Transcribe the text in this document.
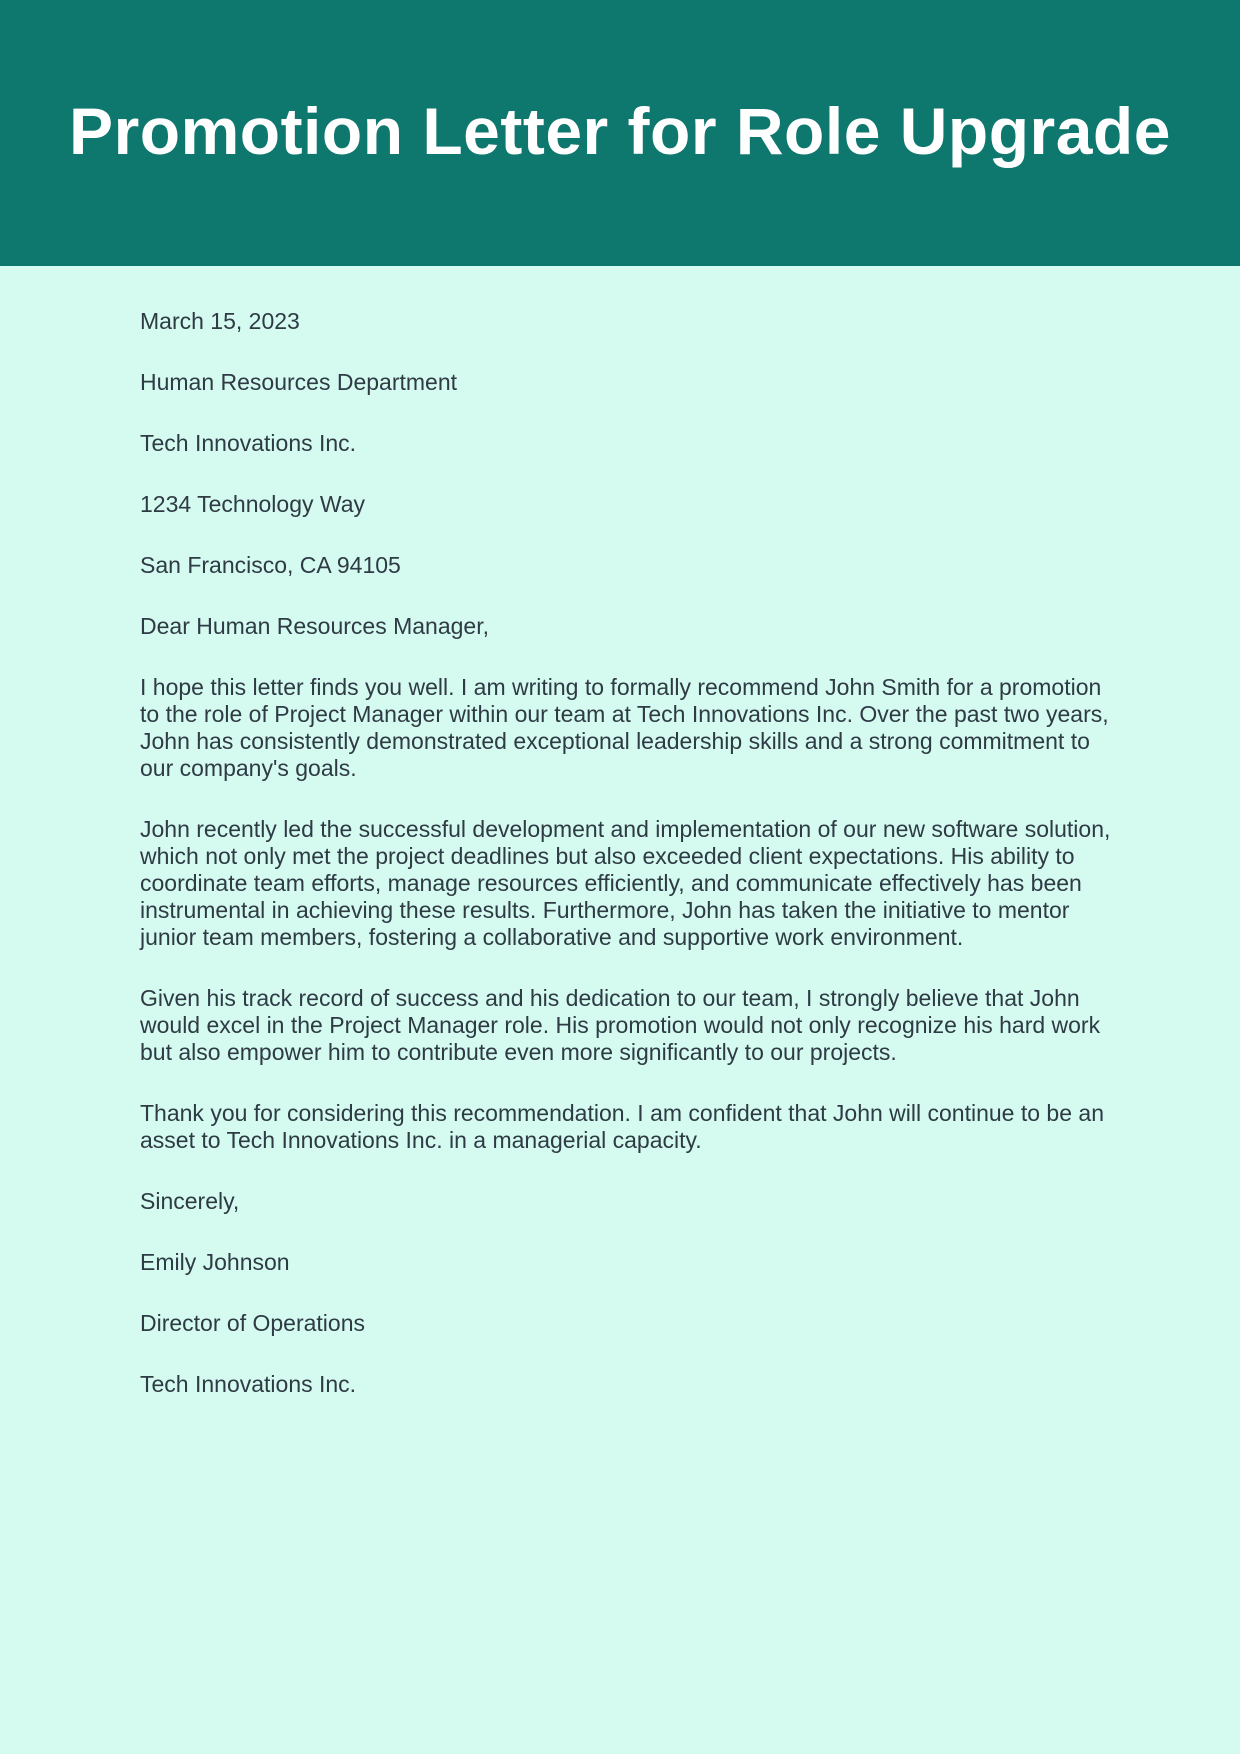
Promotion Letter for Role Upgrade

March 15, 2023

Human Resources Department

Tech Innovations Inc.

1234 Technology Way

San Francisco, CA 94105

Dear Human Resources Manager,

I hope this letter finds you well. I am writing to formally recommend John Smith for a promotion to the role of Project Manager within our team at Tech Innovations Inc. Over the past two years, John has consistently demonstrated exceptional leadership skills and a strong commitment to our company's goals.

John recently led the successful development and implementation of our new software solution, which not only met the project deadlines but also exceeded client expectations. His ability to coordinate team efforts, manage resources efficiently, and communicate effectively has been instrumental in achieving these results. Furthermore, John has taken the initiative to mentor junior team members, fostering a collaborative and supportive work environment.

Given his track record of success and his dedication to our team, I strongly believe that John would excel in the Project Manager role. His promotion would not only recognize his hard work but also empower him to contribute even more significantly to our projects.

Thank you for considering this recommendation. I am confident that John will continue to be an asset to Tech Innovations Inc. in a managerial capacity.

Sincerely,

Emily Johnson

Director of Operations

Tech Innovations Inc.
